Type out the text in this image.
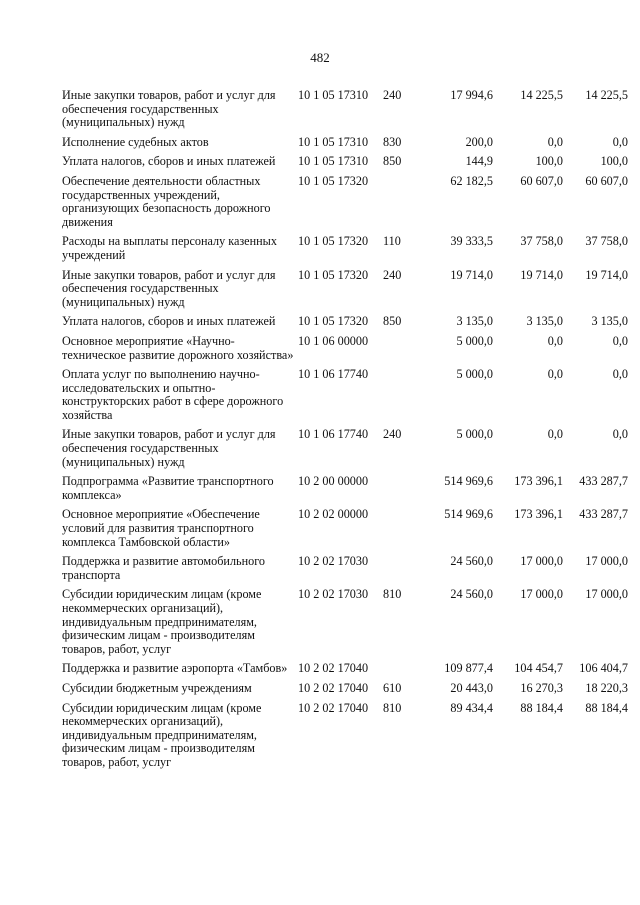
482
Иные закупки товаров, работ и услуг для обеспечения государственных (муниципальных) нужд	10 1 05 17310	240	17 994,6	14 225,5	14 225,5
Исполнение судебных актов	10 1 05 17310	830	200,0	0,0	0,0
Уплата налогов, сборов и иных платежей	10 1 05 17310	850	144,9	100,0	100,0
Обеспечение деятельности областных государственных учреждений, организующих безопасность дорожного движения	10 1 05 17320		62 182,5	60 607,0	60 607,0
Расходы на выплаты персоналу казенных учреждений	10 1 05 17320	110	39 333,5	37 758,0	37 758,0
Иные закупки товаров, работ и услуг для обеспечения государственных (муниципальных) нужд	10 1 05 17320	240	19 714,0	19 714,0	19 714,0
Уплата налогов, сборов и иных платежей	10 1 05 17320	850	3 135,0	3 135,0	3 135,0
Основное мероприятие «Научно-техническое развитие дорожного хозяйства»	10 1 06 00000		5 000,0	0,0	0,0
Оплата услуг по выполнению научно-исследовательских и опытно-конструкторских работ в сфере дорожного хозяйства	10 1 06 17740		5 000,0	0,0	0,0
Иные закупки товаров, работ и услуг для обеспечения государственных (муниципальных) нужд	10 1 06 17740	240	5 000,0	0,0	0,0
Подпрограмма «Развитие транспортного комплекса»	10 2 00 00000		514 969,6	173 396,1	433 287,7
Основное мероприятие «Обеспечение условий для развития транспортного комплекса Тамбовской области»	10 2 02 00000		514 969,6	173 396,1	433 287,7
Поддержка и развитие автомобильного транспорта	10 2 02 17030		24 560,0	17 000,0	17 000,0
Субсидии юридическим лицам (кроме некоммерческих организаций), индивидуальным предпринимателям, физическим лицам - производителям товаров, работ, услуг	10 2 02 17030	810	24 560,0	17 000,0	17 000,0
Поддержка и развитие аэропорта «Тамбов»	10 2 02 17040		109 877,4	104 454,7	106 404,7
Субсидии бюджетным учреждениям	10 2 02 17040	610	20 443,0	16 270,3	18 220,3
Субсидии юридическим лицам (кроме некоммерческих организаций), индивидуальным предпринимателям, физическим лицам - производителям товаров, работ, услуг	10 2 02 17040	810	89 434,4	88 184,4	88 184,4
